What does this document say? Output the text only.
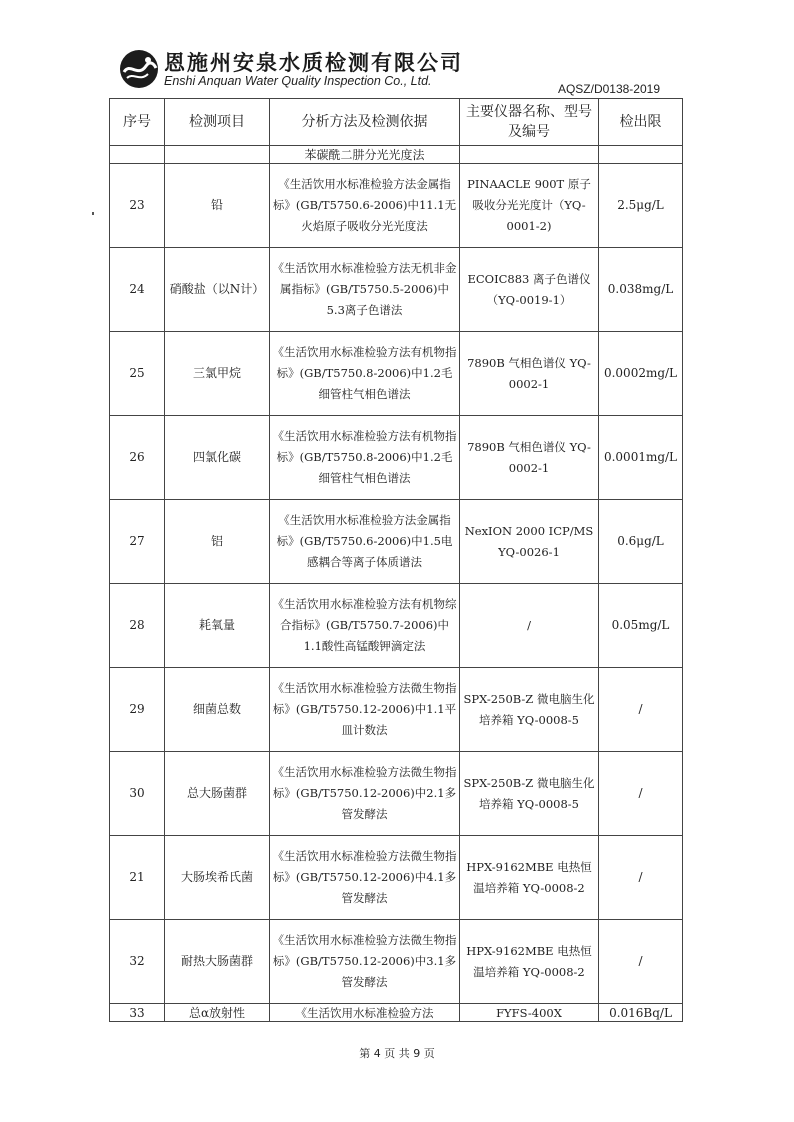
恩施州安泉水质检测有限公司
Enshi Anquan Water Quality Inspection Co., Ltd.
AQSZ/D0138-2019
序号	检测项目	分析方法及检测依据	主要仪器名称、型号及编号	检出限
		苯碳酰二肼分光光度法		
23	铅	《生活饮用水标准检验方法金属指标》(GB/T5750.6-2006)中11.1无火焰原子吸收分光光度法	PINAACLE 900T 原子吸收分光光度计（YQ-0001-2)	2.5μg/L
24	硝酸盐（以N计）	《生活饮用水标准检验方法无机非金属指标》(GB/T5750.5-2006)中5.3离子色谱法	ECOIC883 离子色谱仪（YQ-0019-1）	0.038mg/L
25	三氯甲烷	《生活饮用水标准检验方法有机物指标》(GB/T5750.8-2006)中1.2毛细管柱气相色谱法	7890B 气相色谱仪 YQ-0002-1	0.0002mg/L
26	四氯化碳	《生活饮用水标准检验方法有机物指标》(GB/T5750.8-2006)中1.2毛细管柱气相色谱法	7890B 气相色谱仪 YQ-0002-1	0.0001mg/L
27	铝	《生活饮用水标准检验方法金属指标》(GB/T5750.6-2006)中1.5电感耦合等离子体质谱法	NexION 2000 ICP/MS YQ-0026-1	0.6μg/L
28	耗氧量	《生活饮用水标准检验方法有机物综合指标》(GB/T5750.7-2006)中1.1酸性高锰酸钾滴定法	/	0.05mg/L
29	细菌总数	《生活饮用水标准检验方法微生物指标》(GB/T5750.12-2006)中1.1平皿计数法	SPX-250B-Z 微电脑生化培养箱 YQ-0008-5	/
30	总大肠菌群	《生活饮用水标准检验方法微生物指标》(GB/T5750.12-2006)中2.1多管发酵法	SPX-250B-Z 微电脑生化培养箱 YQ-0008-5	/
21	大肠埃希氏菌	《生活饮用水标准检验方法微生物指标》(GB/T5750.12-2006)中4.1多管发酵法	HPX-9162MBE 电热恒温培养箱 YQ-0008-2	/
32	耐热大肠菌群	《生活饮用水标准检验方法微生物指标》(GB/T5750.12-2006)中3.1多管发酵法	HPX-9162MBE 电热恒温培养箱 YQ-0008-2	/
33	总α放射性	《生活饮用水标准检验方法	FYFS-400X	0.016Bq/L
第 4 页 共 9 页
